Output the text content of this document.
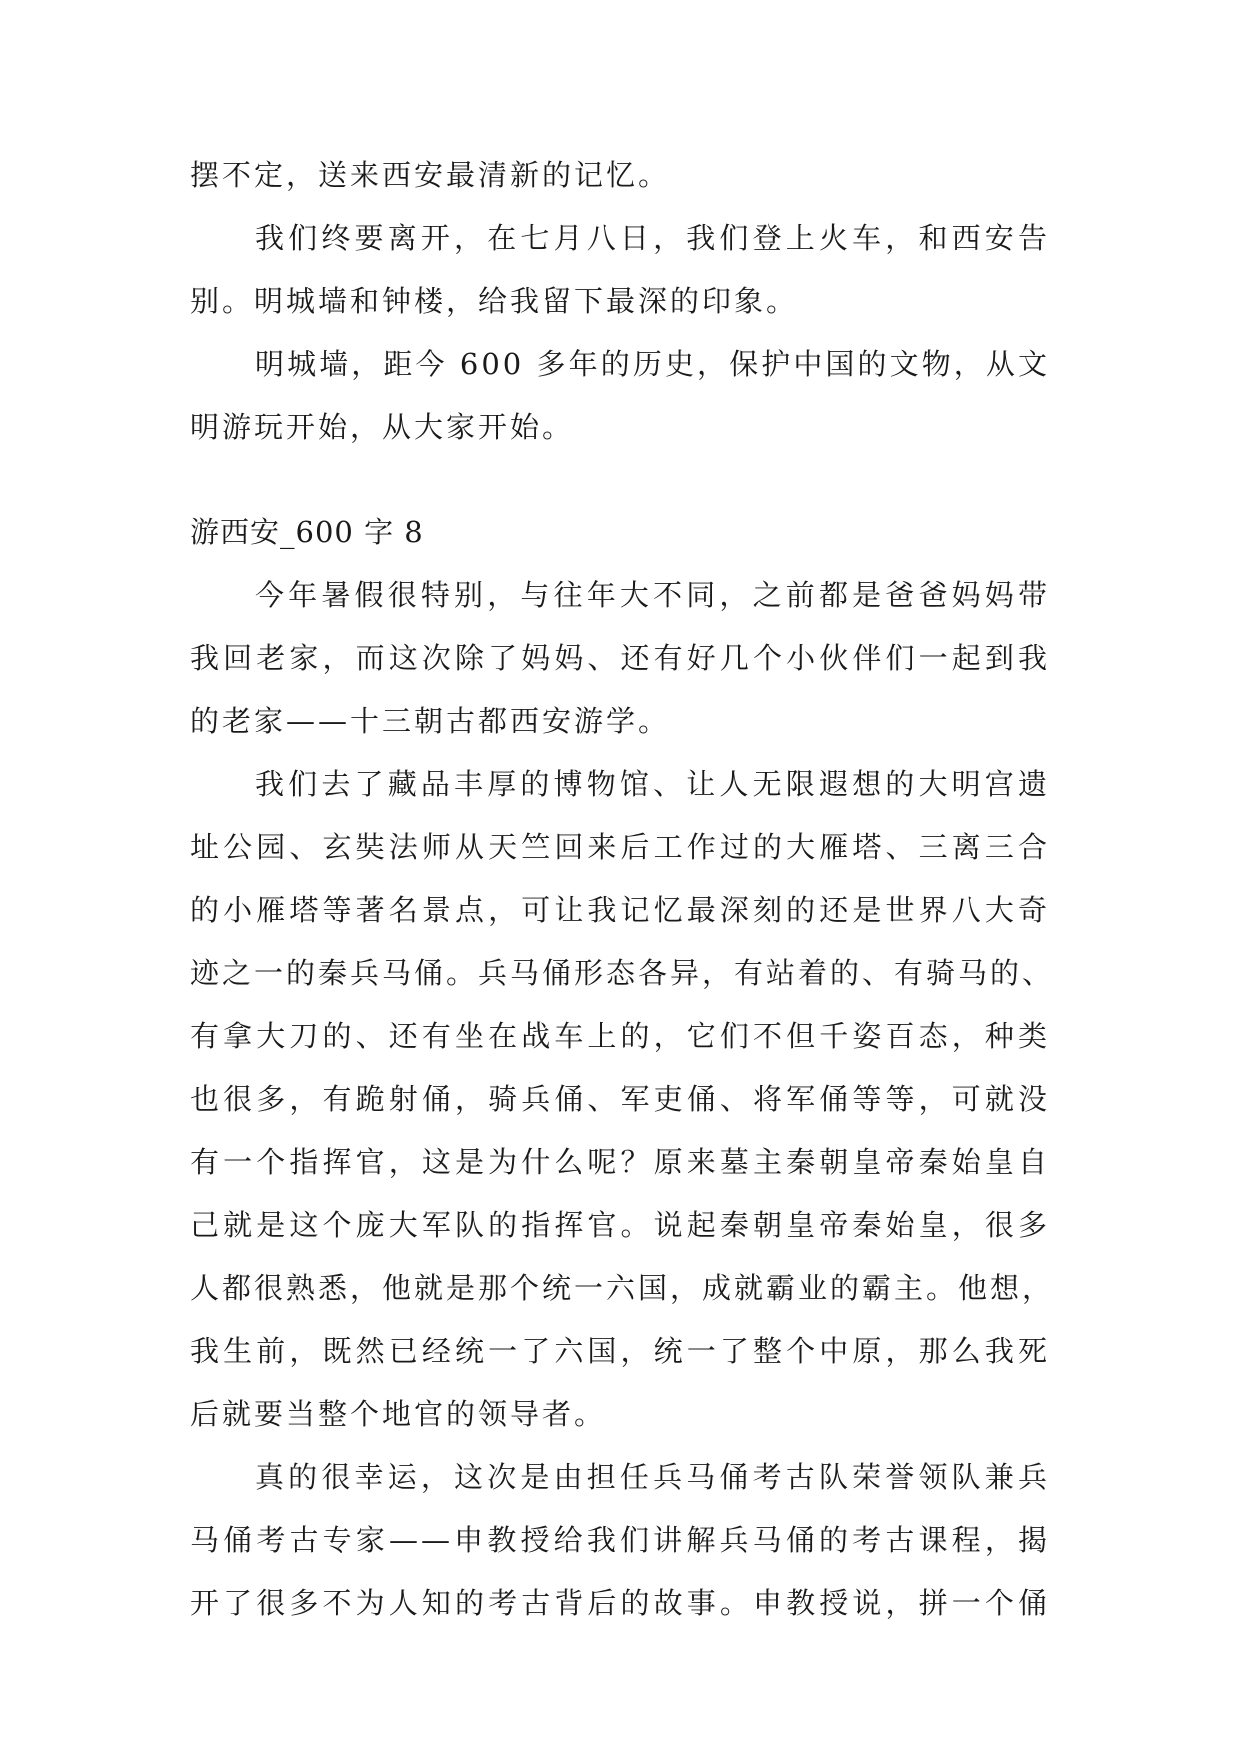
摆不定，送来西安最清新的记忆。
我们终要离开，在七月八日，我们登上火车，和西安告
别。明城墙和钟楼，给我留下最深的印象。
明城墙，距今 600 多年的历史，保护中国的文物，从文
明游玩开始，从大家开始。
游西安_600 字 8
今年暑假很特别，与往年大不同，之前都是爸爸妈妈带
我回老家，而这次除了妈妈、还有好几个小伙伴们一起到我
的老家——十三朝古都西安游学。
我们去了藏品丰厚的博物馆、让人无限遐想的大明宫遗
址公园、玄奘法师从天竺回来后工作过的大雁塔、三离三合
的小雁塔等著名景点，可让我记忆最深刻的还是世界八大奇
迹之一的秦兵马俑。兵马俑形态各异，有站着的、有骑马的、
有拿大刀的、还有坐在战车上的，它们不但千姿百态，种类
也很多，有跪射俑，骑兵俑、军吏俑、将军俑等等，可就没
有一个指挥官，这是为什么呢？原来墓主秦朝皇帝秦始皇自
己就是这个庞大军队的指挥官。说起秦朝皇帝秦始皇，很多
人都很熟悉，他就是那个统一六国，成就霸业的霸主。他想，
我生前，既然已经统一了六国，统一了整个中原，那么我死
后就要当整个地官的领导者。
真的很幸运，这次是由担任兵马俑考古队荣誉领队兼兵
马俑考古专家——申教授给我们讲解兵马俑的考古课程，揭
开了很多不为人知的考古背后的故事。申教授说，拼一个俑
